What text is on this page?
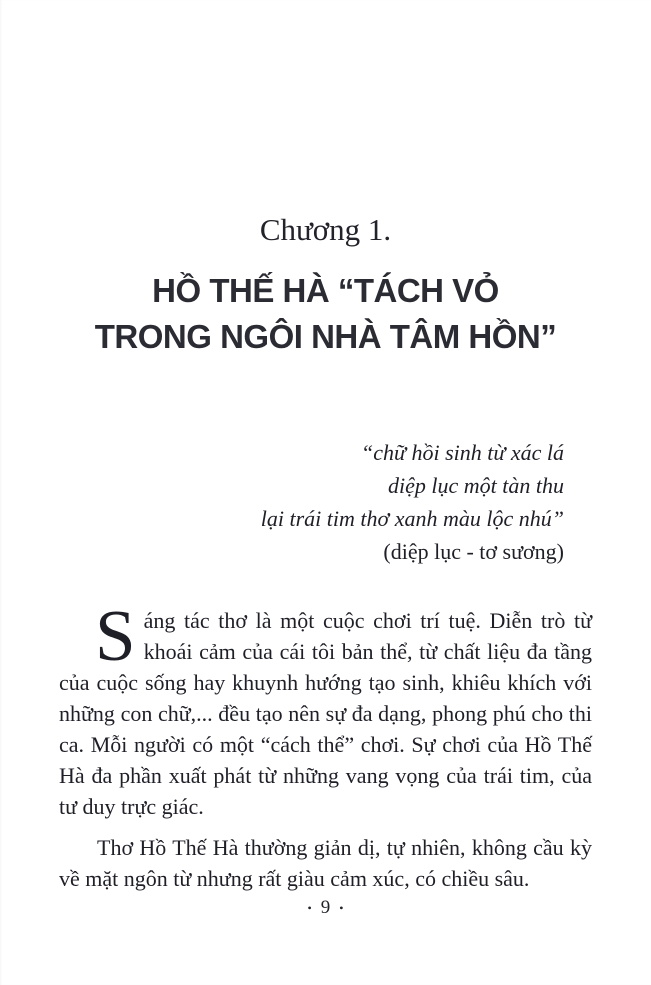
Chương 1.
HỒ THẾ HÀ “TÁCH VỎ
TRONG NGÔI NHÀ TÂM HỒN”
“chữ hồi sinh từ xác lá
diệp lục một tàn thu
lại trái tim thơ xanh màu lộc nhú”
(diệp lục - tơ sương)

Sáng tác thơ là một cuộc chơi trí tuệ. Diễn trò từ khoái cảm của cái tôi bản thể, từ chất liệu đa tầng của cuộc sống hay khuynh hướng tạo sinh, khiêu khích với những con chữ,... đều tạo nên sự đa dạng, phong phú cho thi ca. Mỗi người có một “cách thể” chơi. Sự chơi của Hồ Thế Hà đa phần xuất phát từ những vang vọng của trái tim, của tư duy trực giác.

Thơ Hồ Thế Hà thường giản dị, tự nhiên, không cầu kỳ về mặt ngôn từ nhưng rất giàu cảm xúc, có chiều sâu.

• 9 •
